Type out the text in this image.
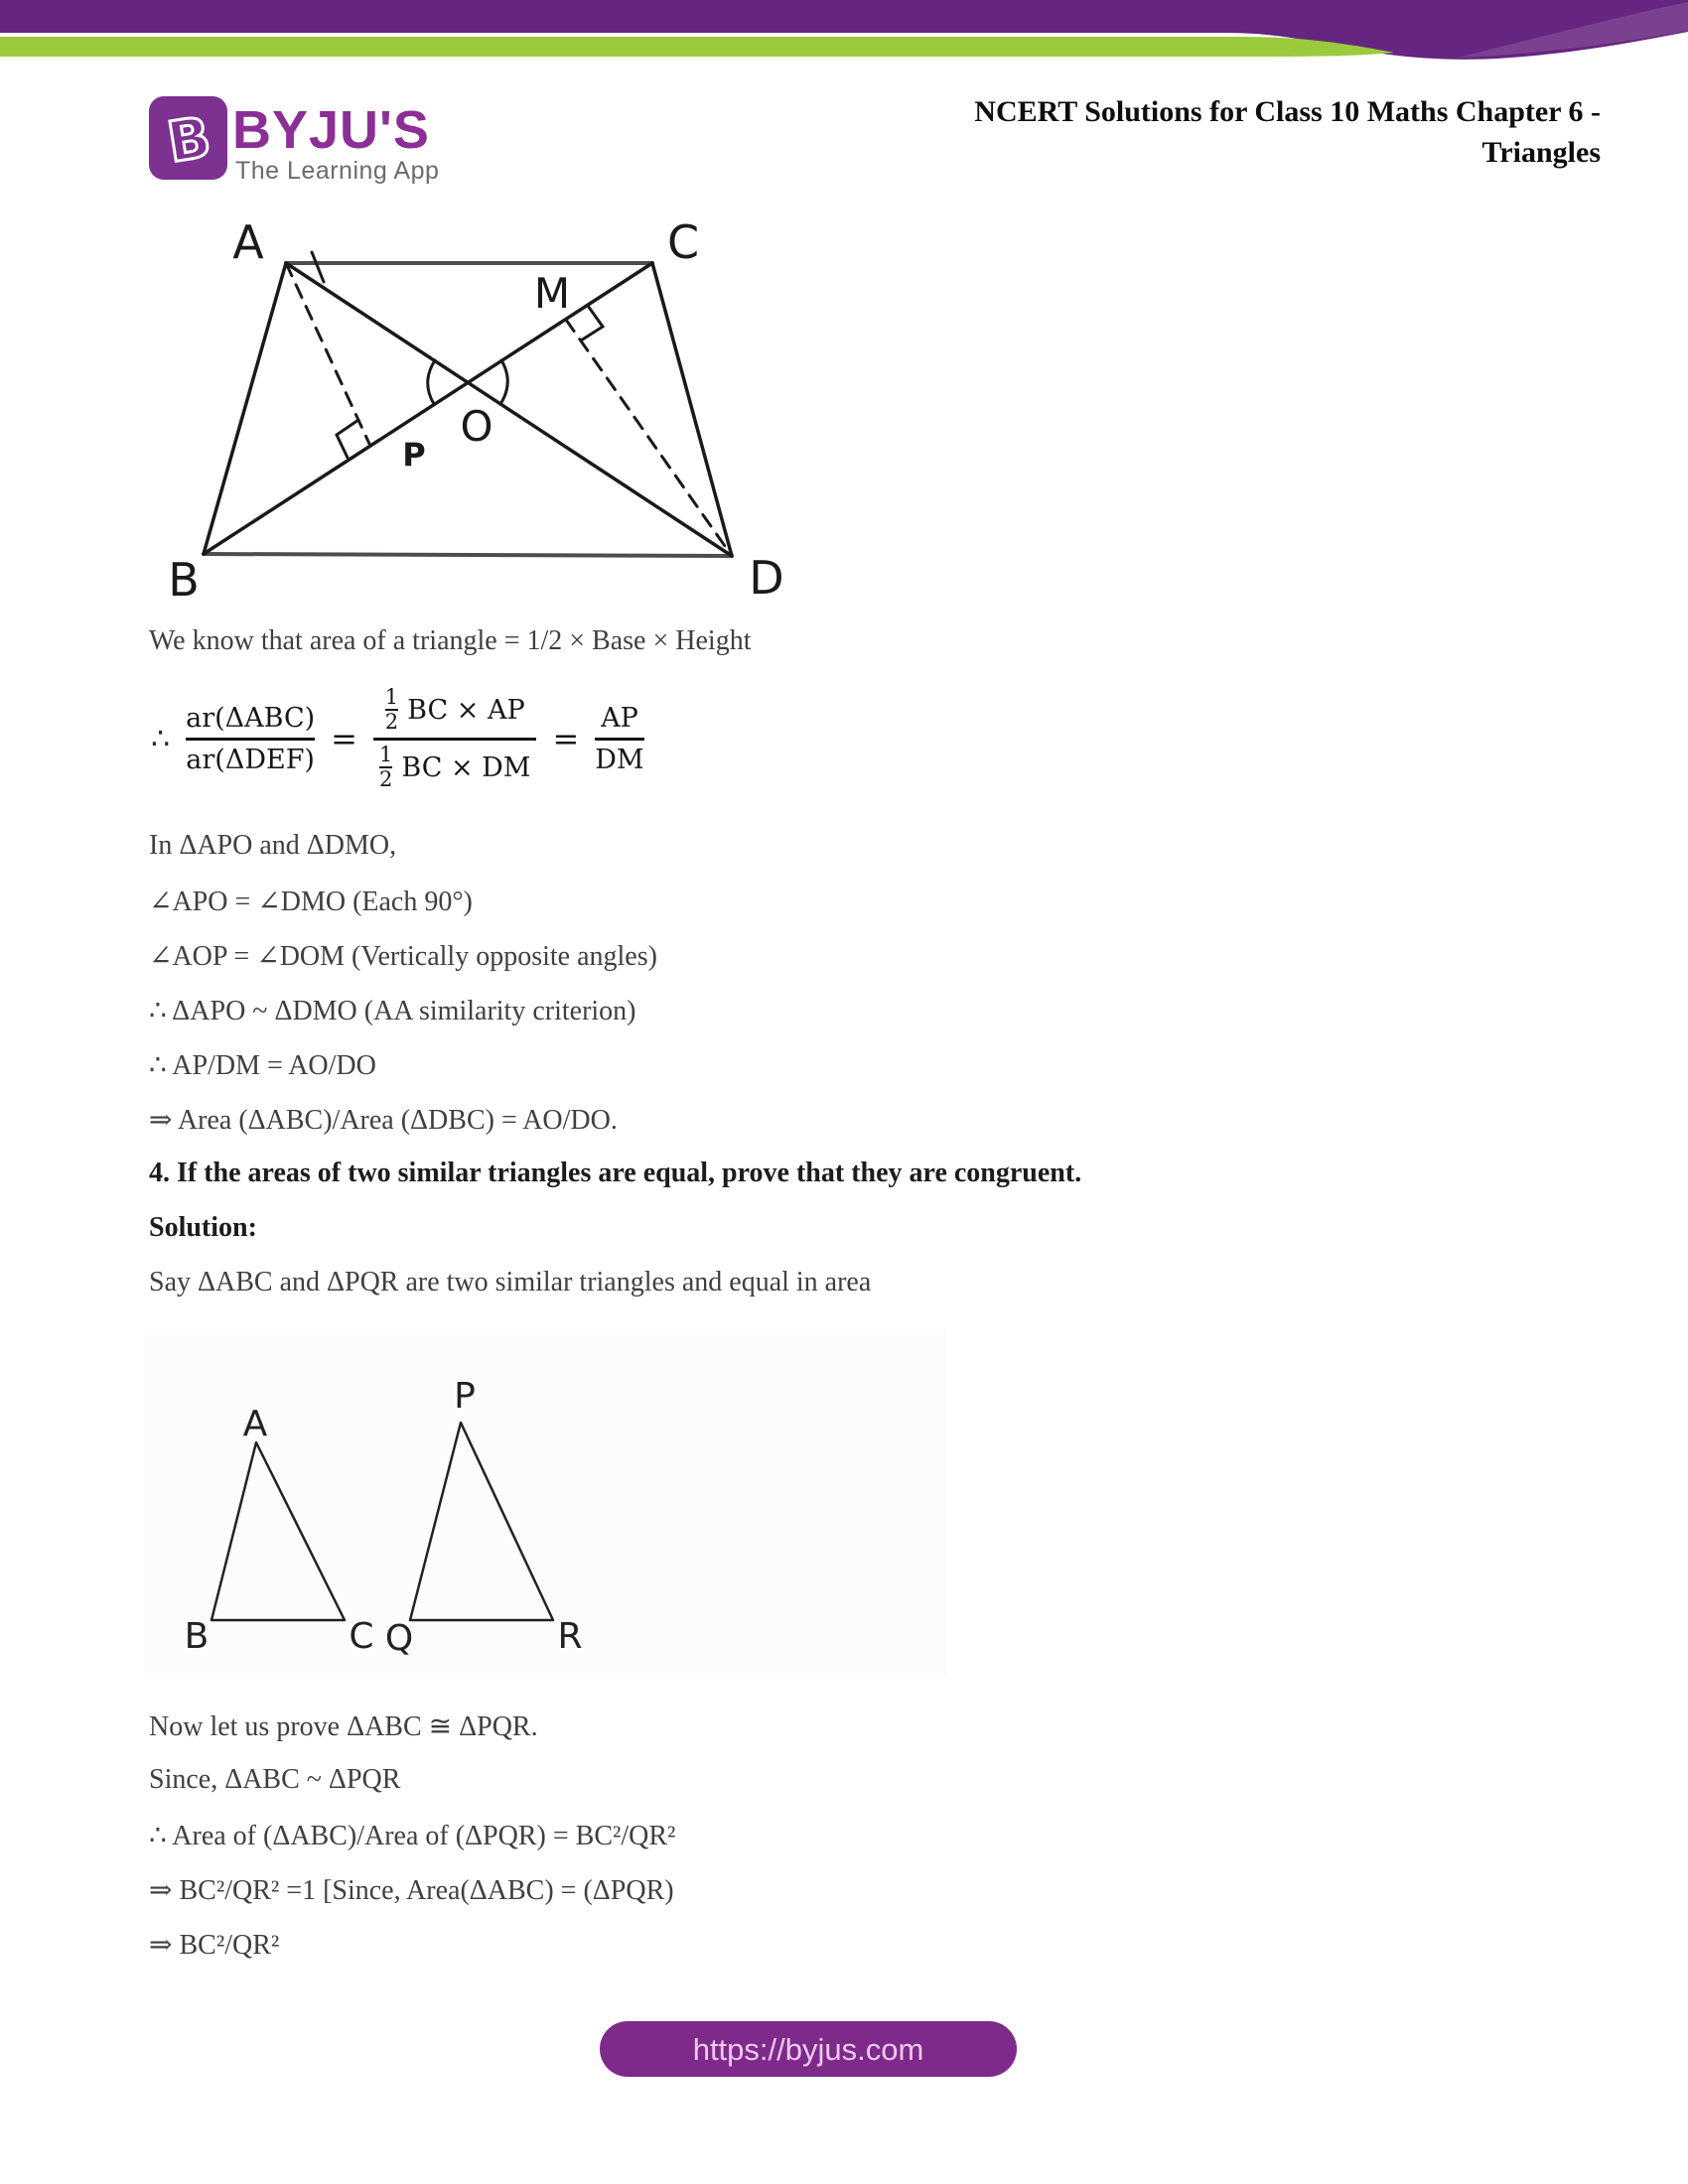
B BYJU'S
The Learning App
NCERT Solutions for Class 10 Maths Chapter 6 -
Triangles
A	C
B	D
M
O
P
We know that area of a triangle = 1/2 × Base × Height
∴ $\frac{\text{ar(ΔABC)}}{\text{ar(ΔDEF)}} = 1$
2 BC × AP
1
2 BC × DM = $\frac{AP}{DM}$
In ΔAPO and ΔDMO,
∠APO = ∠DMO (Each 90°)
∠AOP = ∠DOM (Vertically opposite angles)
∴ ΔAPO ~ ΔDMO (AA similarity criterion)
∴ AP/DM = AO/DO
⇒ Area (ΔABC)/Area (ΔDBC) = AO/DO.
4. If the areas of two similar triangles are equal, prove that they are congruent.
Solution:
Say ΔABC and ΔPQR are two similar triangles and equal in area
A
B	C
P
Q	R
Now let us prove ΔABC ≅ ΔPQR.
Since, ΔABC ~ ΔPQR
∴ Area of (ΔABC)/Area of (ΔPQR) = BC²/QR²
⇒ BC²/QR² =1 [Since, Area(ΔABC) = (ΔPQR)
⇒ BC²/QR²
https://byjus.com
